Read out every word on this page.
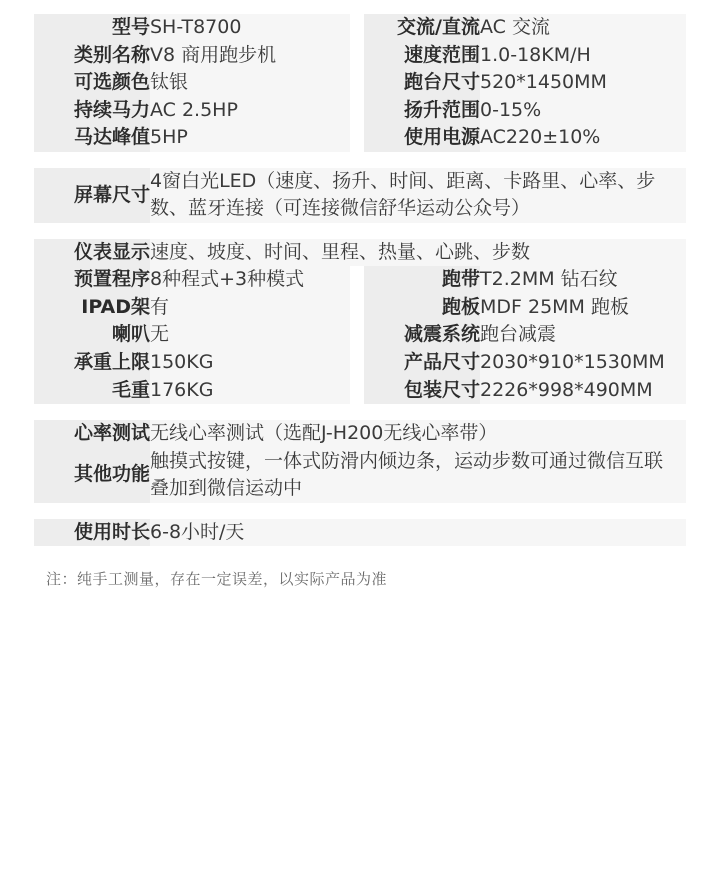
型号	SH-T8700		交流/直流	AC 交流
类别名称	V8 商用跑步机		速度范围	1.0-18KM/H
可选颜色	钛银		跑台尺寸	520*1450MM
持续马力	AC 2.5HP		扬升范围	0-15%
马达峰值	5HP		使用电源	AC220±10%

屏幕尺寸	4窗白光LED（速度、扬升、时间、距离、卡路里、心率、步数、蓝牙连接（可连接微信舒华运动公众号）			

仪表显示	速度、坡度、时间、里程、热量、心跳、步数			
预置程序	8种程式+3种模式		跑带	T2.2MM 钻石纹
IPAD架	有		跑板	MDF 25MM 跑板
喇叭	无		减震系统	跑台减震
承重上限	150KG		产品尺寸	2030*910*1530MM
毛重	176KG		包装尺寸	2226*998*490MM

心率测试	无线心率测试（选配J-H200无线心率带）			
其他功能	触摸式按键，一体式防滑内倾边条，运动步数可通过微信互联叠加到微信运动中			

使用时长	6-8小时/天			
注：纯手工测量，存在一定误差，以实际产品为准
